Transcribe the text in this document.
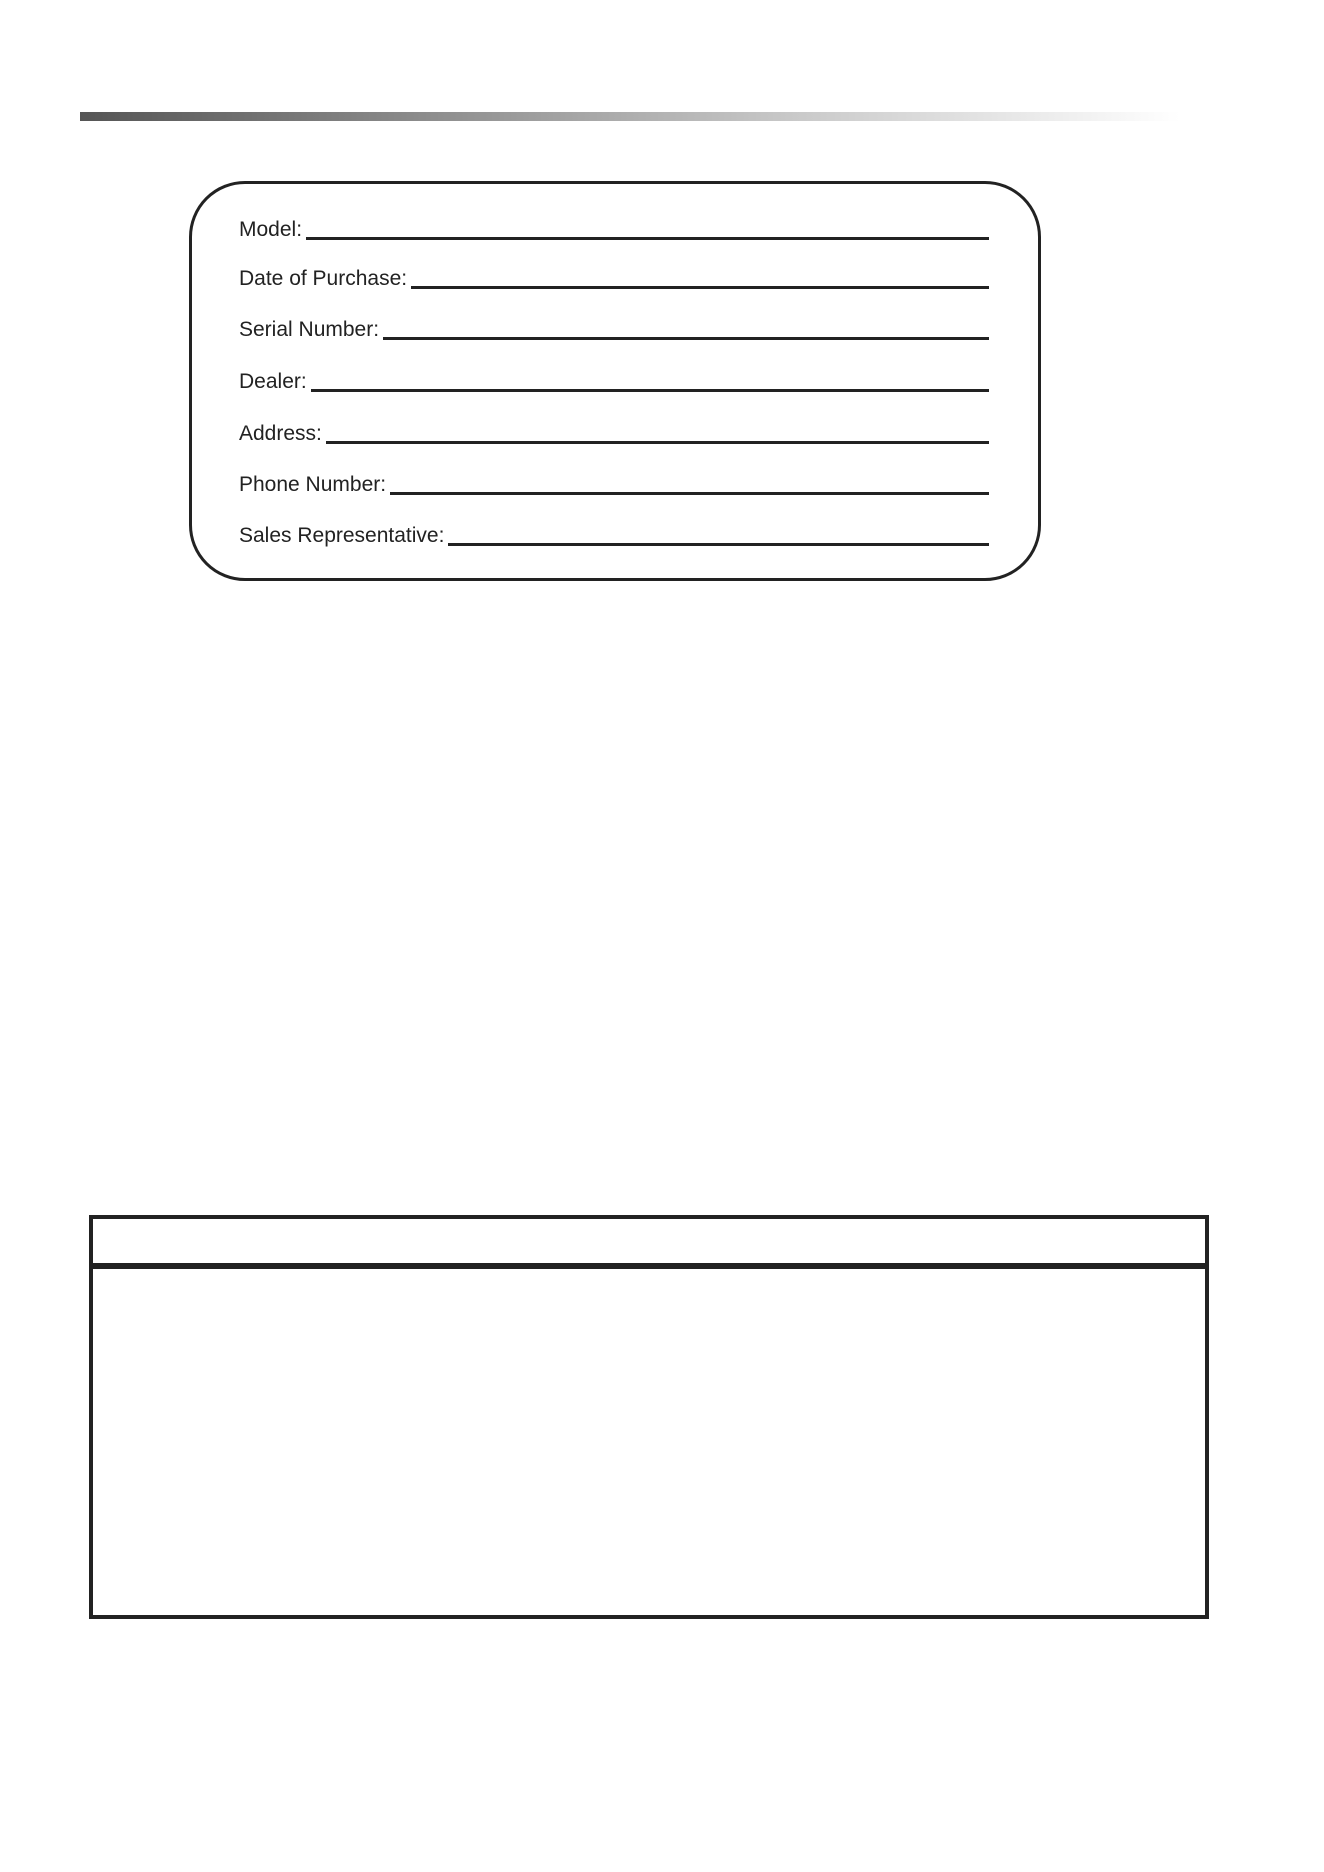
Model:
Date of Purchase:
Serial Number:
Dealer:
Address:
Phone Number:
Sales Representative:
